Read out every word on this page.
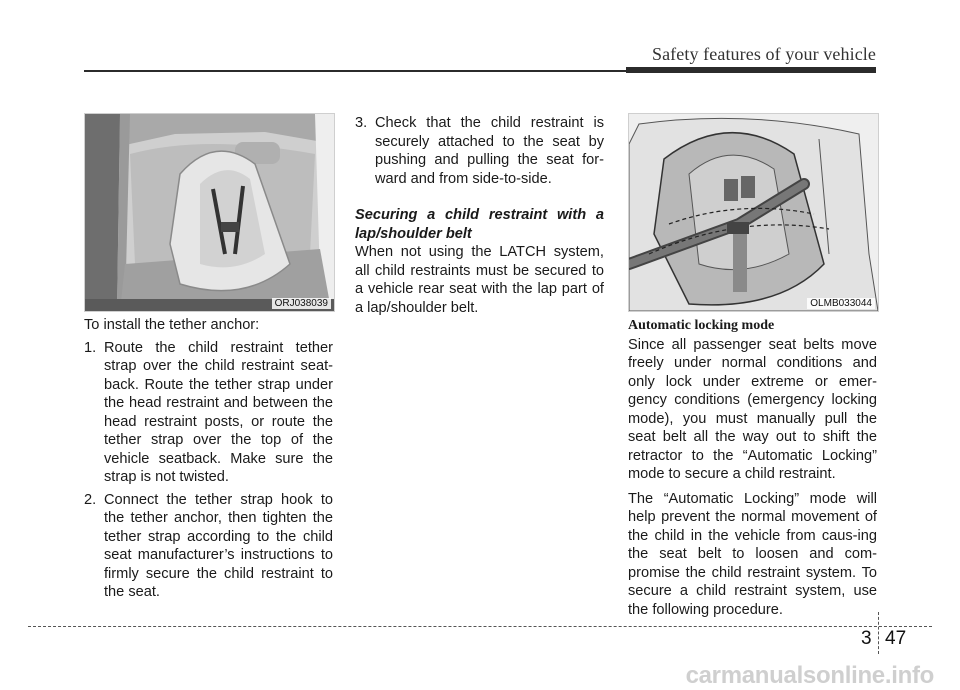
Safety features of your vehicle
ORJ038039	OLMB033044

To install the tether anchor:

1. Route the child restraint tether strap over the child restraint seat-back. Route the tether strap under the head restraint and between the head restraint posts, or route the tether strap over the top of the vehicle seatback. Make sure the strap is not twisted.

2. Connect the tether strap hook to the tether anchor, then tighten the tether strap according to the child seat manufacturer’s instructions to firmly secure the child restraint to the seat.

3. Check that the child restraint is securely attached to the seat by pushing and pulling the seat for-ward and from side-to-side.

Securing a child restraint with a lap/shoulder belt

When not using the LATCH system, all child restraints must be secured to a vehicle rear seat with the lap part of a lap/shoulder belt.

Automatic locking mode

Since all passenger seat belts move freely under normal conditions and only lock under extreme or emer-gency conditions (emergency locking mode), you must manually pull the seat belt all the way out to shift the retractor to the “Automatic Locking” mode to secure a child restraint.

The “Automatic Locking” mode will help prevent the normal movement of the child in the vehicle from caus-ing the seat belt to loosen and com-promise the child restraint system. To secure a child restraint system, use the following procedure.

3 47
carmanualsonline.info
